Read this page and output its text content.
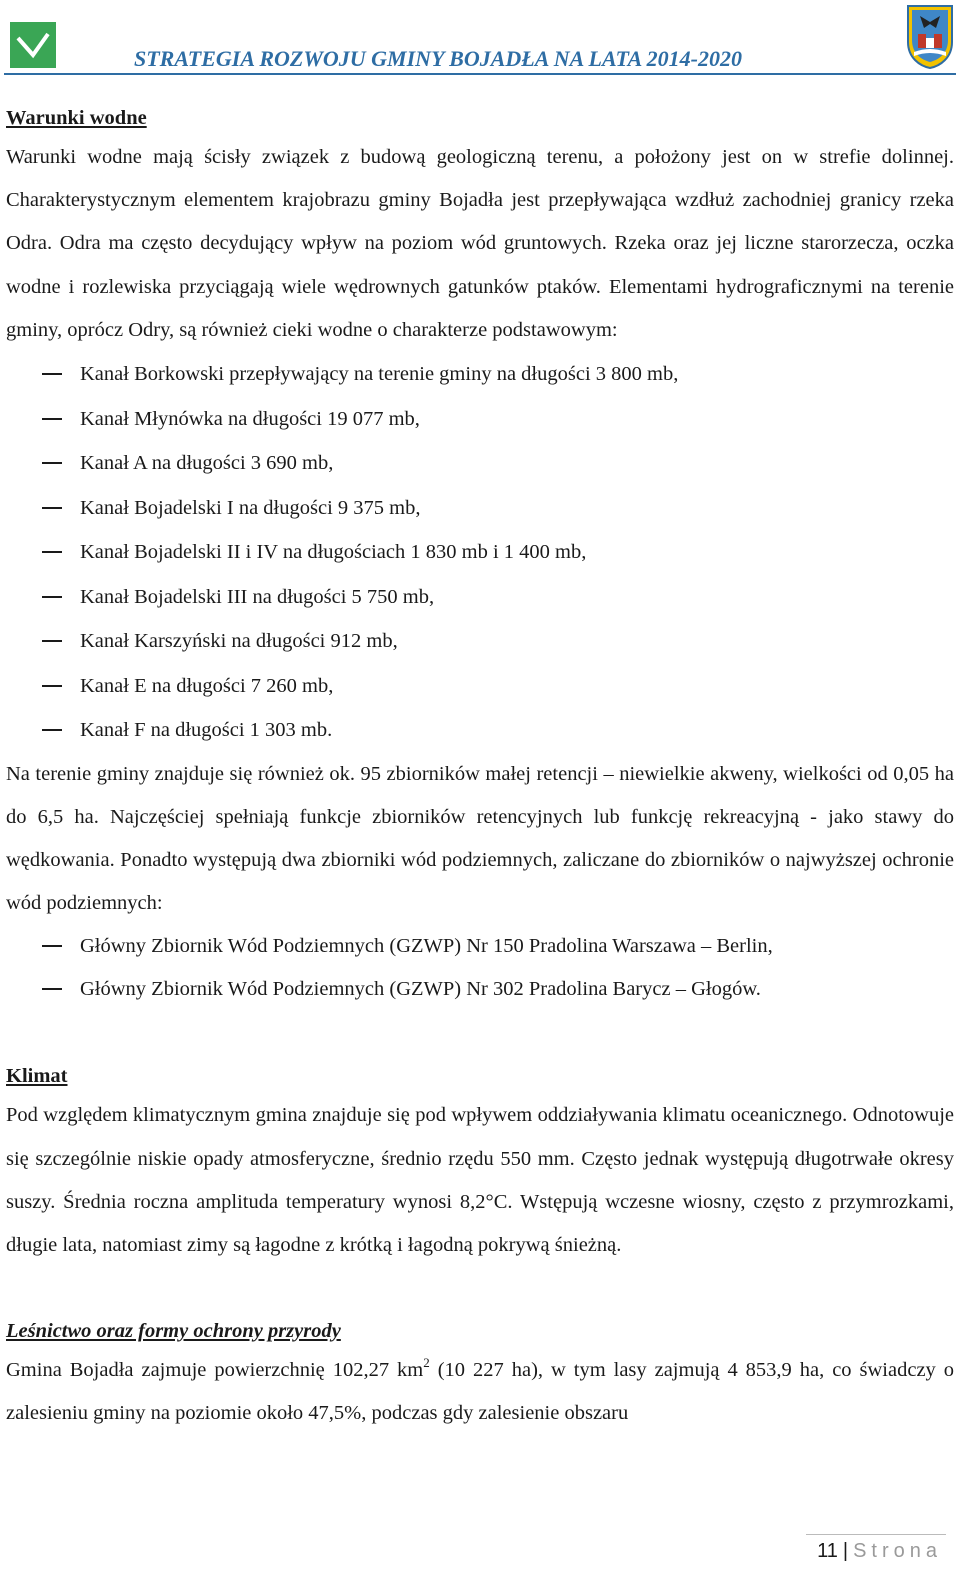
STRATEGIA ROZWOJU GMINY BOJADŁA NA LATA 2014-2020
Warunki wodne

Warunki wodne mają ścisły związek z budową geologiczną terenu, a położony jest on w strefie dolinnej. Charakterystycznym elementem krajobrazu gminy Bojadła jest przepływająca wzdłuż zachodniej granicy rzeka Odra. Odra ma często decydujący wpływ na poziom wód gruntowych. Rzeka oraz jej liczne starorzecza, oczka wodne i rozlewiska przyciągają wiele wędrownych gatunków ptaków. Elementami hydrograficznymi na terenie gminy, oprócz Odry, są również cieki wodne o charakterze podstawowym:

Kanał Borkowski przepływający na terenie gminy na długości 3 800 mb,
Kanał Młynówka na długości 19 077 mb,
Kanał A na długości 3 690 mb,
Kanał Bojadelski I na długości 9 375 mb,
Kanał Bojadelski II i IV na długościach 1 830 mb i 1 400 mb,
Kanał Bojadelski III na długości 5 750 mb,
Kanał Karszyński na długości 912 mb,
Kanał E na długości 7 260 mb,
Kanał F na długości 1 303 mb.

Na terenie gminy znajduje się również ok. 95 zbiorników małej retencji – niewielkie akweny, wielkości od 0,05 ha do 6,5 ha. Najczęściej spełniają funkcje zbiorników retencyjnych lub funkcję rekreacyjną - jako stawy do wędkowania. Ponadto występują dwa zbiorniki wód podziemnych, zaliczane do zbiorników o najwyższej ochronie wód podziemnych:

Główny Zbiornik Wód Podziemnych (GZWP) Nr 150 Pradolina Warszawa – Berlin,
Główny Zbiornik Wód Podziemnych (GZWP) Nr 302 Pradolina Barycz – Głogów.
Klimat

Pod względem klimatycznym gmina znajduje się pod wpływem oddziaływania klimatu oceanicznego. Odnotowuje się szczególnie niskie opady atmosferyczne, średnio rzędu 550 mm. Często jednak występują długotrwałe okresy suszy. Średnia roczna amplituda temperatury wynosi 8,2°C. Wstępują wczesne wiosny, często z przymrozkami, długie lata, natomiast zimy są łagodne z krótką i łagodną pokrywą śnieżną.

Leśnictwo oraz formy ochrony przyrody

Gmina Bojadła zajmuje powierzchnię 102,27 $km^2$ (10 227 ha), w tym lasy zajmują 4 853,9 ha, co świadczy o zalesieniu gminy na poziomie około 47,5%, podczas gdy zalesienie obszaru

11 | Strona
